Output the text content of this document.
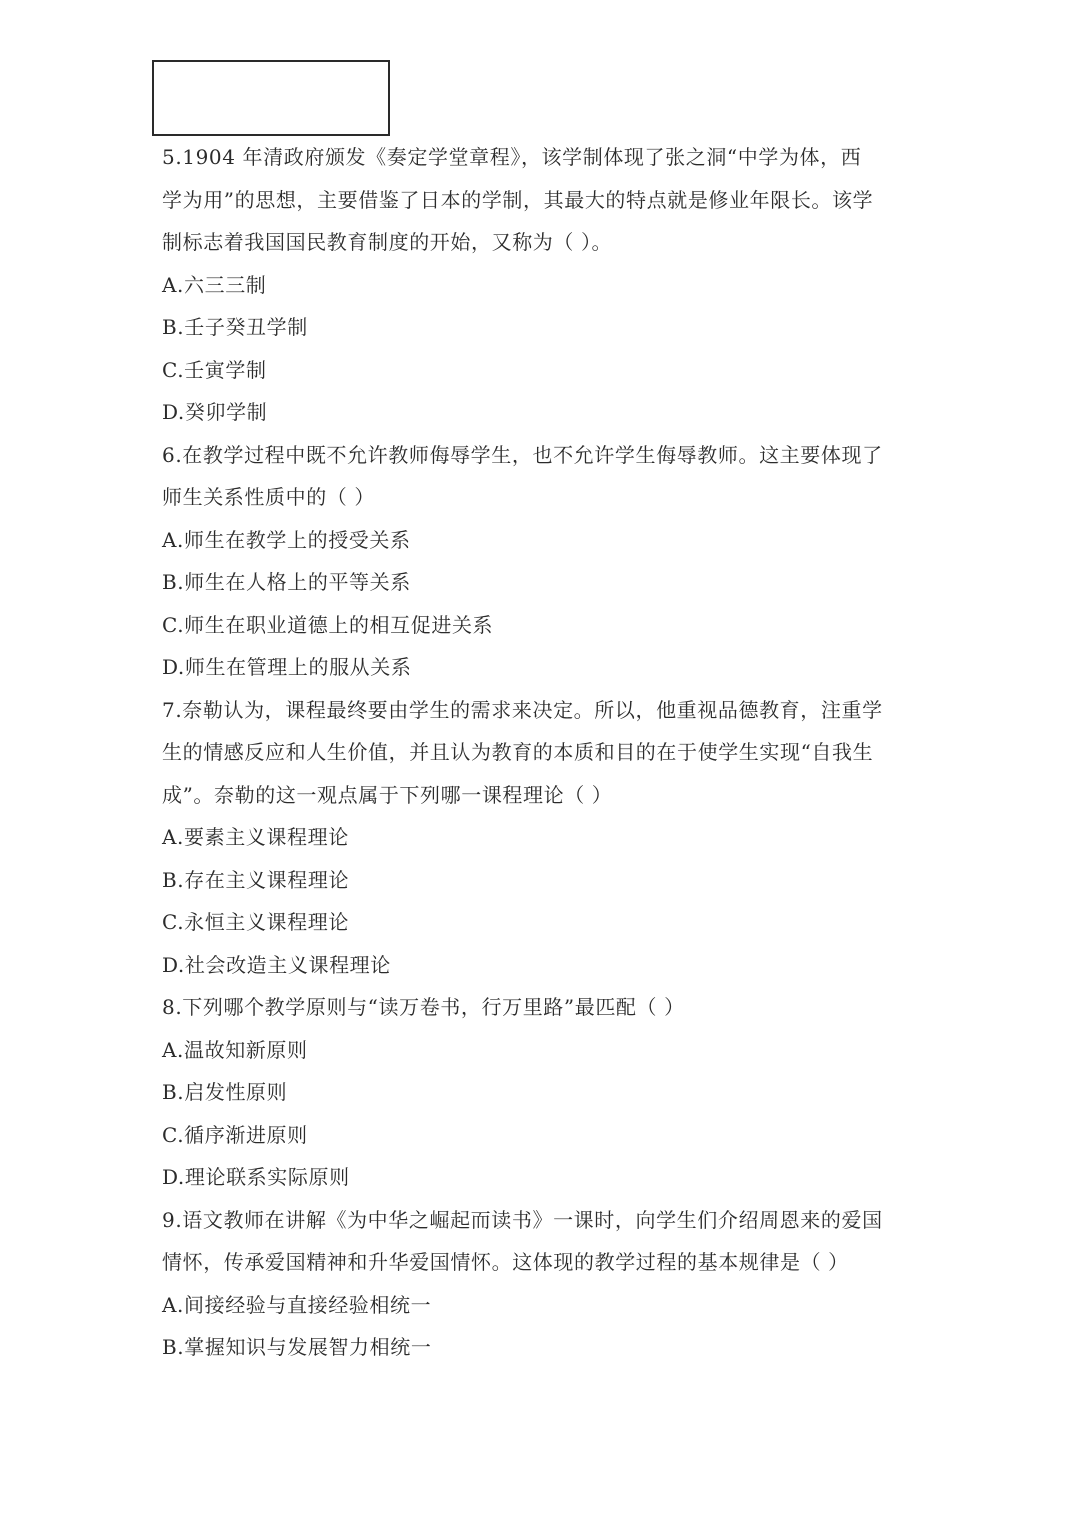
5.1904 年清政府颁发《奏定学堂章程》，该学制体现了张之洞“中学为体，西
学为用”的思想，主要借鉴了日本的学制，其最大的特点就是修业年限长。该学
制标志着我国国民教育制度的开始，又称为（ ）。
A.六三三制
B.壬子癸丑学制
C.壬寅学制
D.癸卯学制
6.在教学过程中既不允许教师侮辱学生，也不允许学生侮辱教师。这主要体现了
师生关系性质中的（ ）
A.师生在教学上的授受关系
B.师生在人格上的平等关系
C.师生在职业道德上的相互促进关系
D.师生在管理上的服从关系
7.奈勒认为，课程最终要由学生的需求来决定。所以，他重视品德教育，注重学
生的情感反应和人生价值，并且认为教育的本质和目的在于使学生实现“自我生
成”。奈勒的这一观点属于下列哪一课程理论（ ）
A.要素主义课程理论
B.存在主义课程理论
C.永恒主义课程理论
D.社会改造主义课程理论
8.下列哪个教学原则与“读万卷书，行万里路”最匹配（ ）
A.温故知新原则
B.启发性原则
C.循序渐进原则
D.理论联系实际原则
9.语文教师在讲解《为中华之崛起而读书》一课时，向学生们介绍周恩来的爱国
情怀，传承爱国精神和升华爱国情怀。这体现的教学过程的基本规律是（ ）
A.间接经验与直接经验相统一
B.掌握知识与发展智力相统一
